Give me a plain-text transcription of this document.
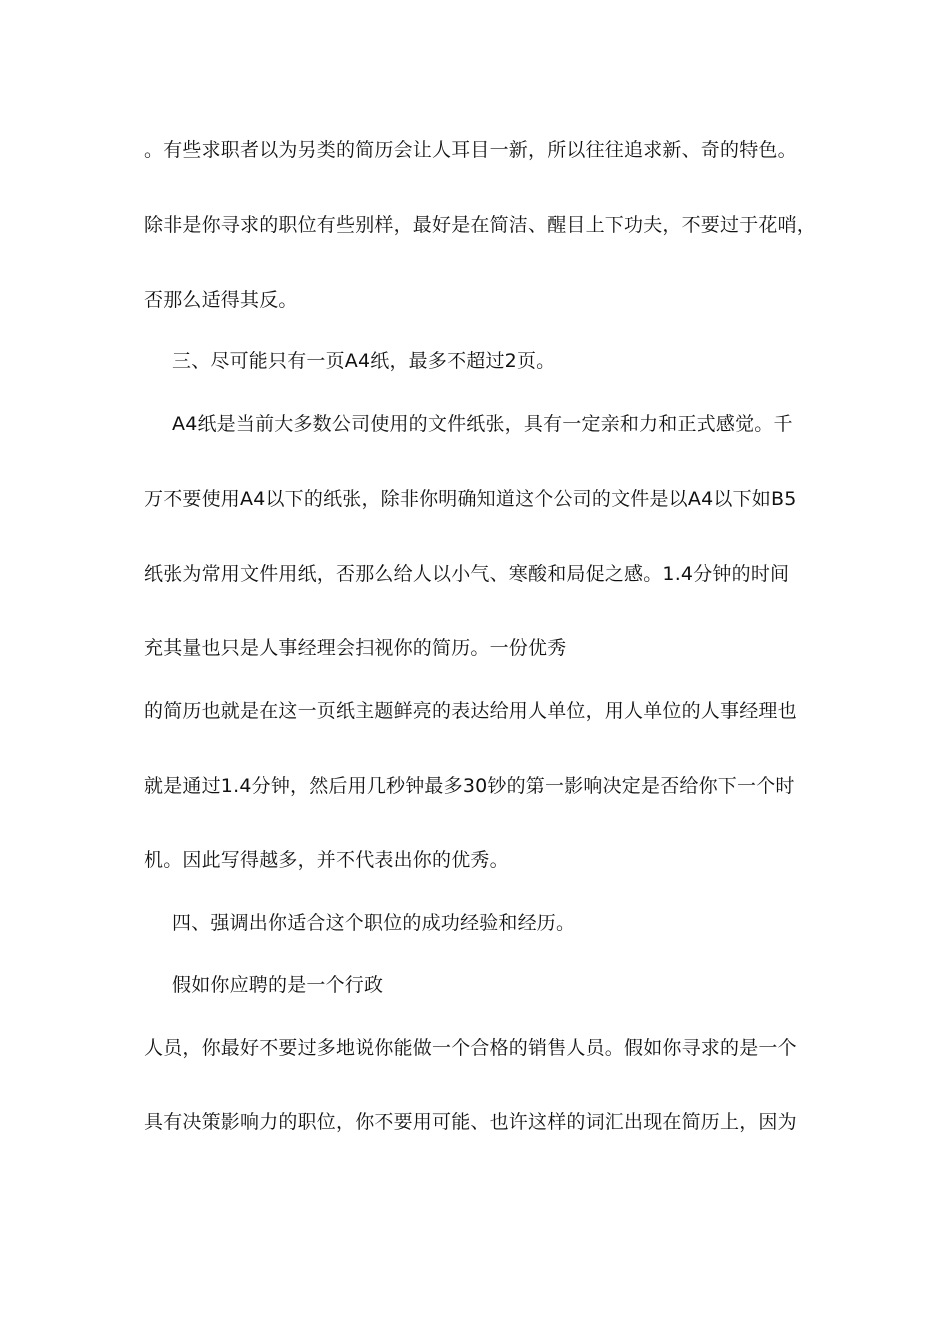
。有些求职者以为另类的简历会让人耳目一新，所以往往追求新、奇的特色。
除非是你寻求的职位有些别样，最好是在简洁、醒目上下功夫，不要过于花哨，
否那么适得其反。
三、尽可能只有一页A4纸，最多不超过2页。
A4纸是当前大多数公司使用的文件纸张，具有一定亲和力和正式感觉。千
万不要使用A4以下的纸张，除非你明确知道这个公司的文件是以A4以下如B5
纸张为常用文件用纸，否那么给人以小气、寒酸和局促之感。1.4分钟的时间
充其量也只是人事经理会扫视你的简历。一份优秀
的简历也就是在这一页纸主题鲜亮的表达给用人单位，用人单位的人事经理也
就是通过1.4分钟，然后用几秒钟最多30钞的第一影响决定是否给你下一个时
机。因此写得越多，并不代表出你的优秀。
四、强调出你适合这个职位的成功经验和经历。
假如你应聘的是一个行政
人员，你最好不要过多地说你能做一个合格的销售人员。假如你寻求的是一个
具有决策影响力的职位，你不要用可能、也许这样的词汇出现在简历上，因为
